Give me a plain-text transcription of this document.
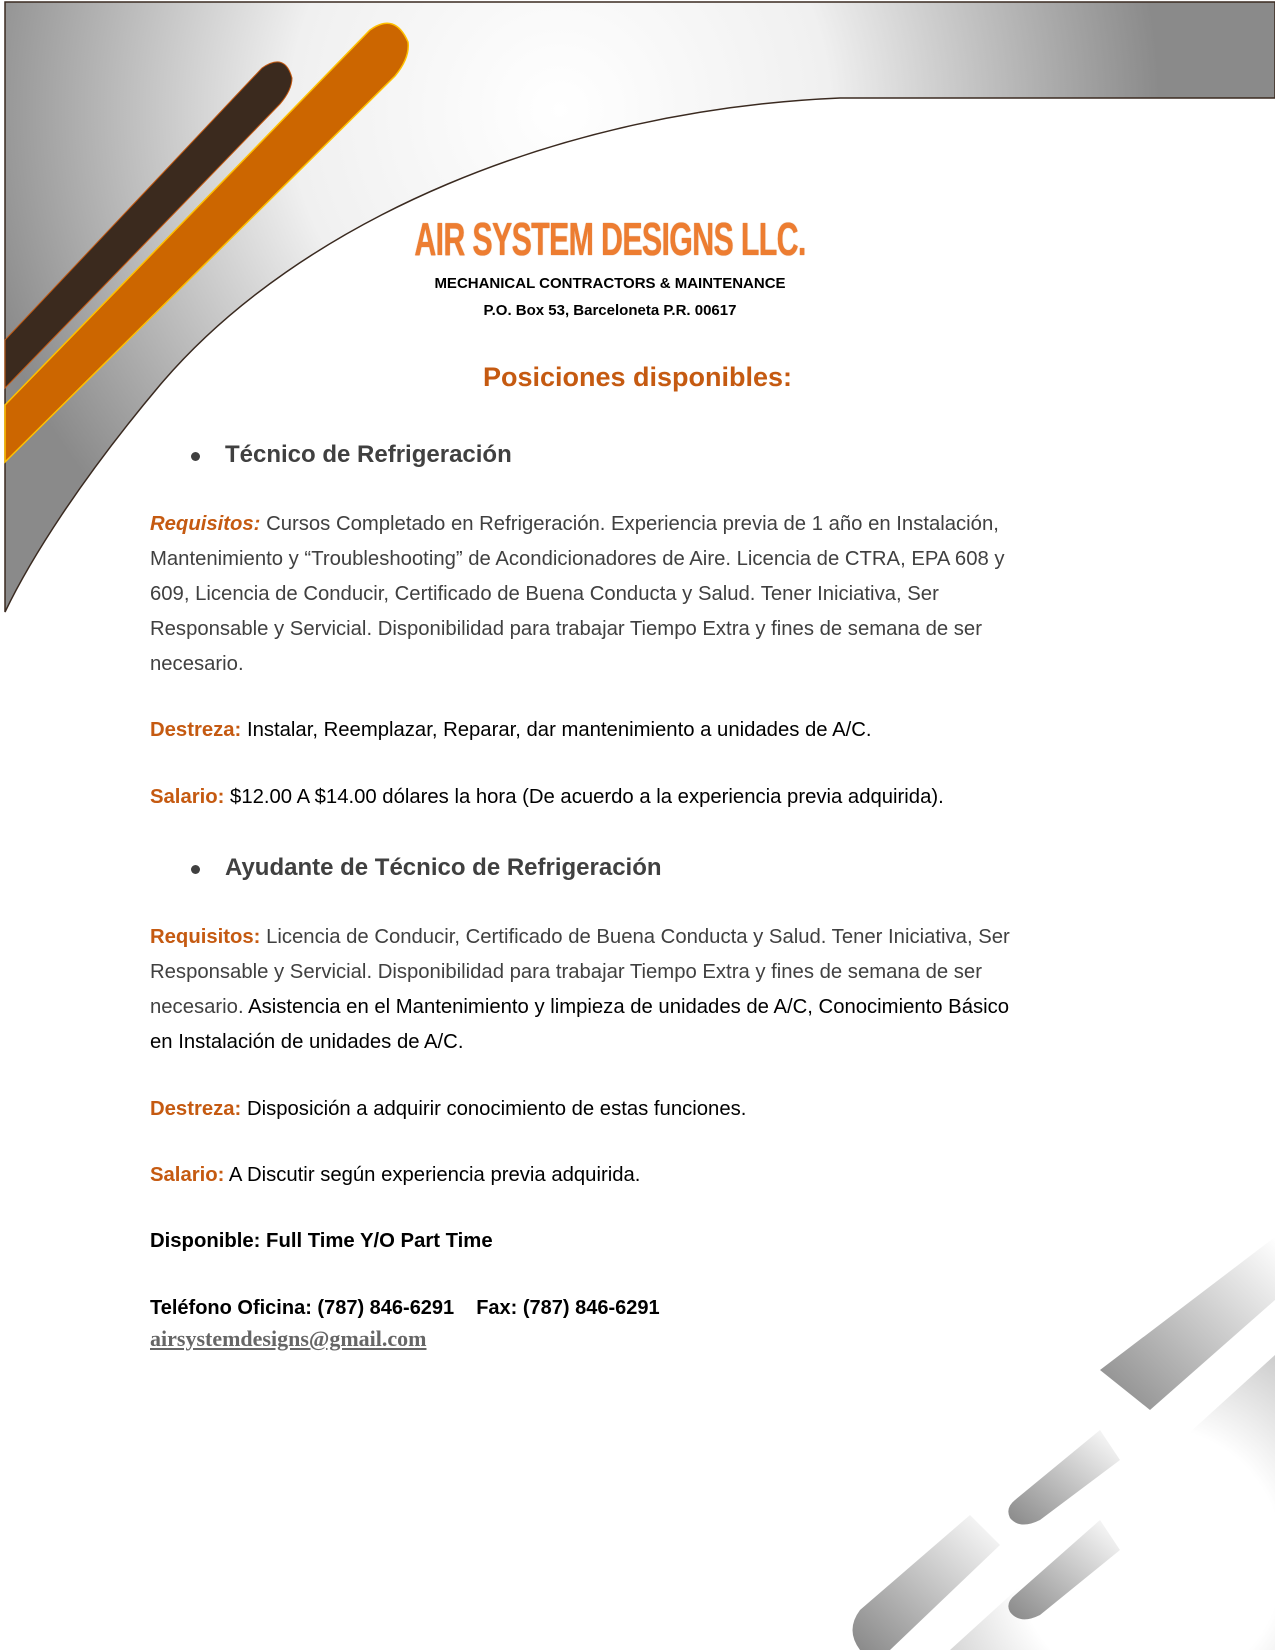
AIR SYSTEM DESIGNS LLC.
MECHANICAL CONTRACTORS & MAINTENANCE
P.O. Box 53, Barceloneta P.R. 00617
Posiciones disponibles:
Técnico de Refrigeración
Requisitos: Cursos Completado en Refrigeración. Experiencia previa de 1 año en Instalación,
Mantenimiento y “Troubleshooting” de Acondicionadores de Aire. Licencia de CTRA, EPA 608 y
609, Licencia de Conducir, Certificado de Buena Conducta y Salud. Tener Iniciativa, Ser
Responsable y Servicial. Disponibilidad para trabajar Tiempo Extra y fines de semana de ser
necesario.
Destreza: Instalar, Reemplazar, Reparar, dar mantenimiento a unidades de A/C.
Salario: $12.00 A $14.00 dólares la hora (De acuerdo a la experiencia previa adquirida).
Ayudante de Técnico de Refrigeración
Requisitos: Licencia de Conducir, Certificado de Buena Conducta y Salud. Tener Iniciativa, Ser
Responsable y Servicial. Disponibilidad para trabajar Tiempo Extra y fines de semana de ser
necesario. Asistencia en el Mantenimiento y limpieza de unidades de A/C, Conocimiento Básico
en Instalación de unidades de A/C.
Destreza: Disposición a adquirir conocimiento de estas funciones.
Salario: A Discutir según experiencia previa adquirida.
Disponible: Full Time Y/O Part Time
Teléfono Oficina: (787) 846-6291 Fax: (787) 846-6291
airsystemdesigns@gmail.com
